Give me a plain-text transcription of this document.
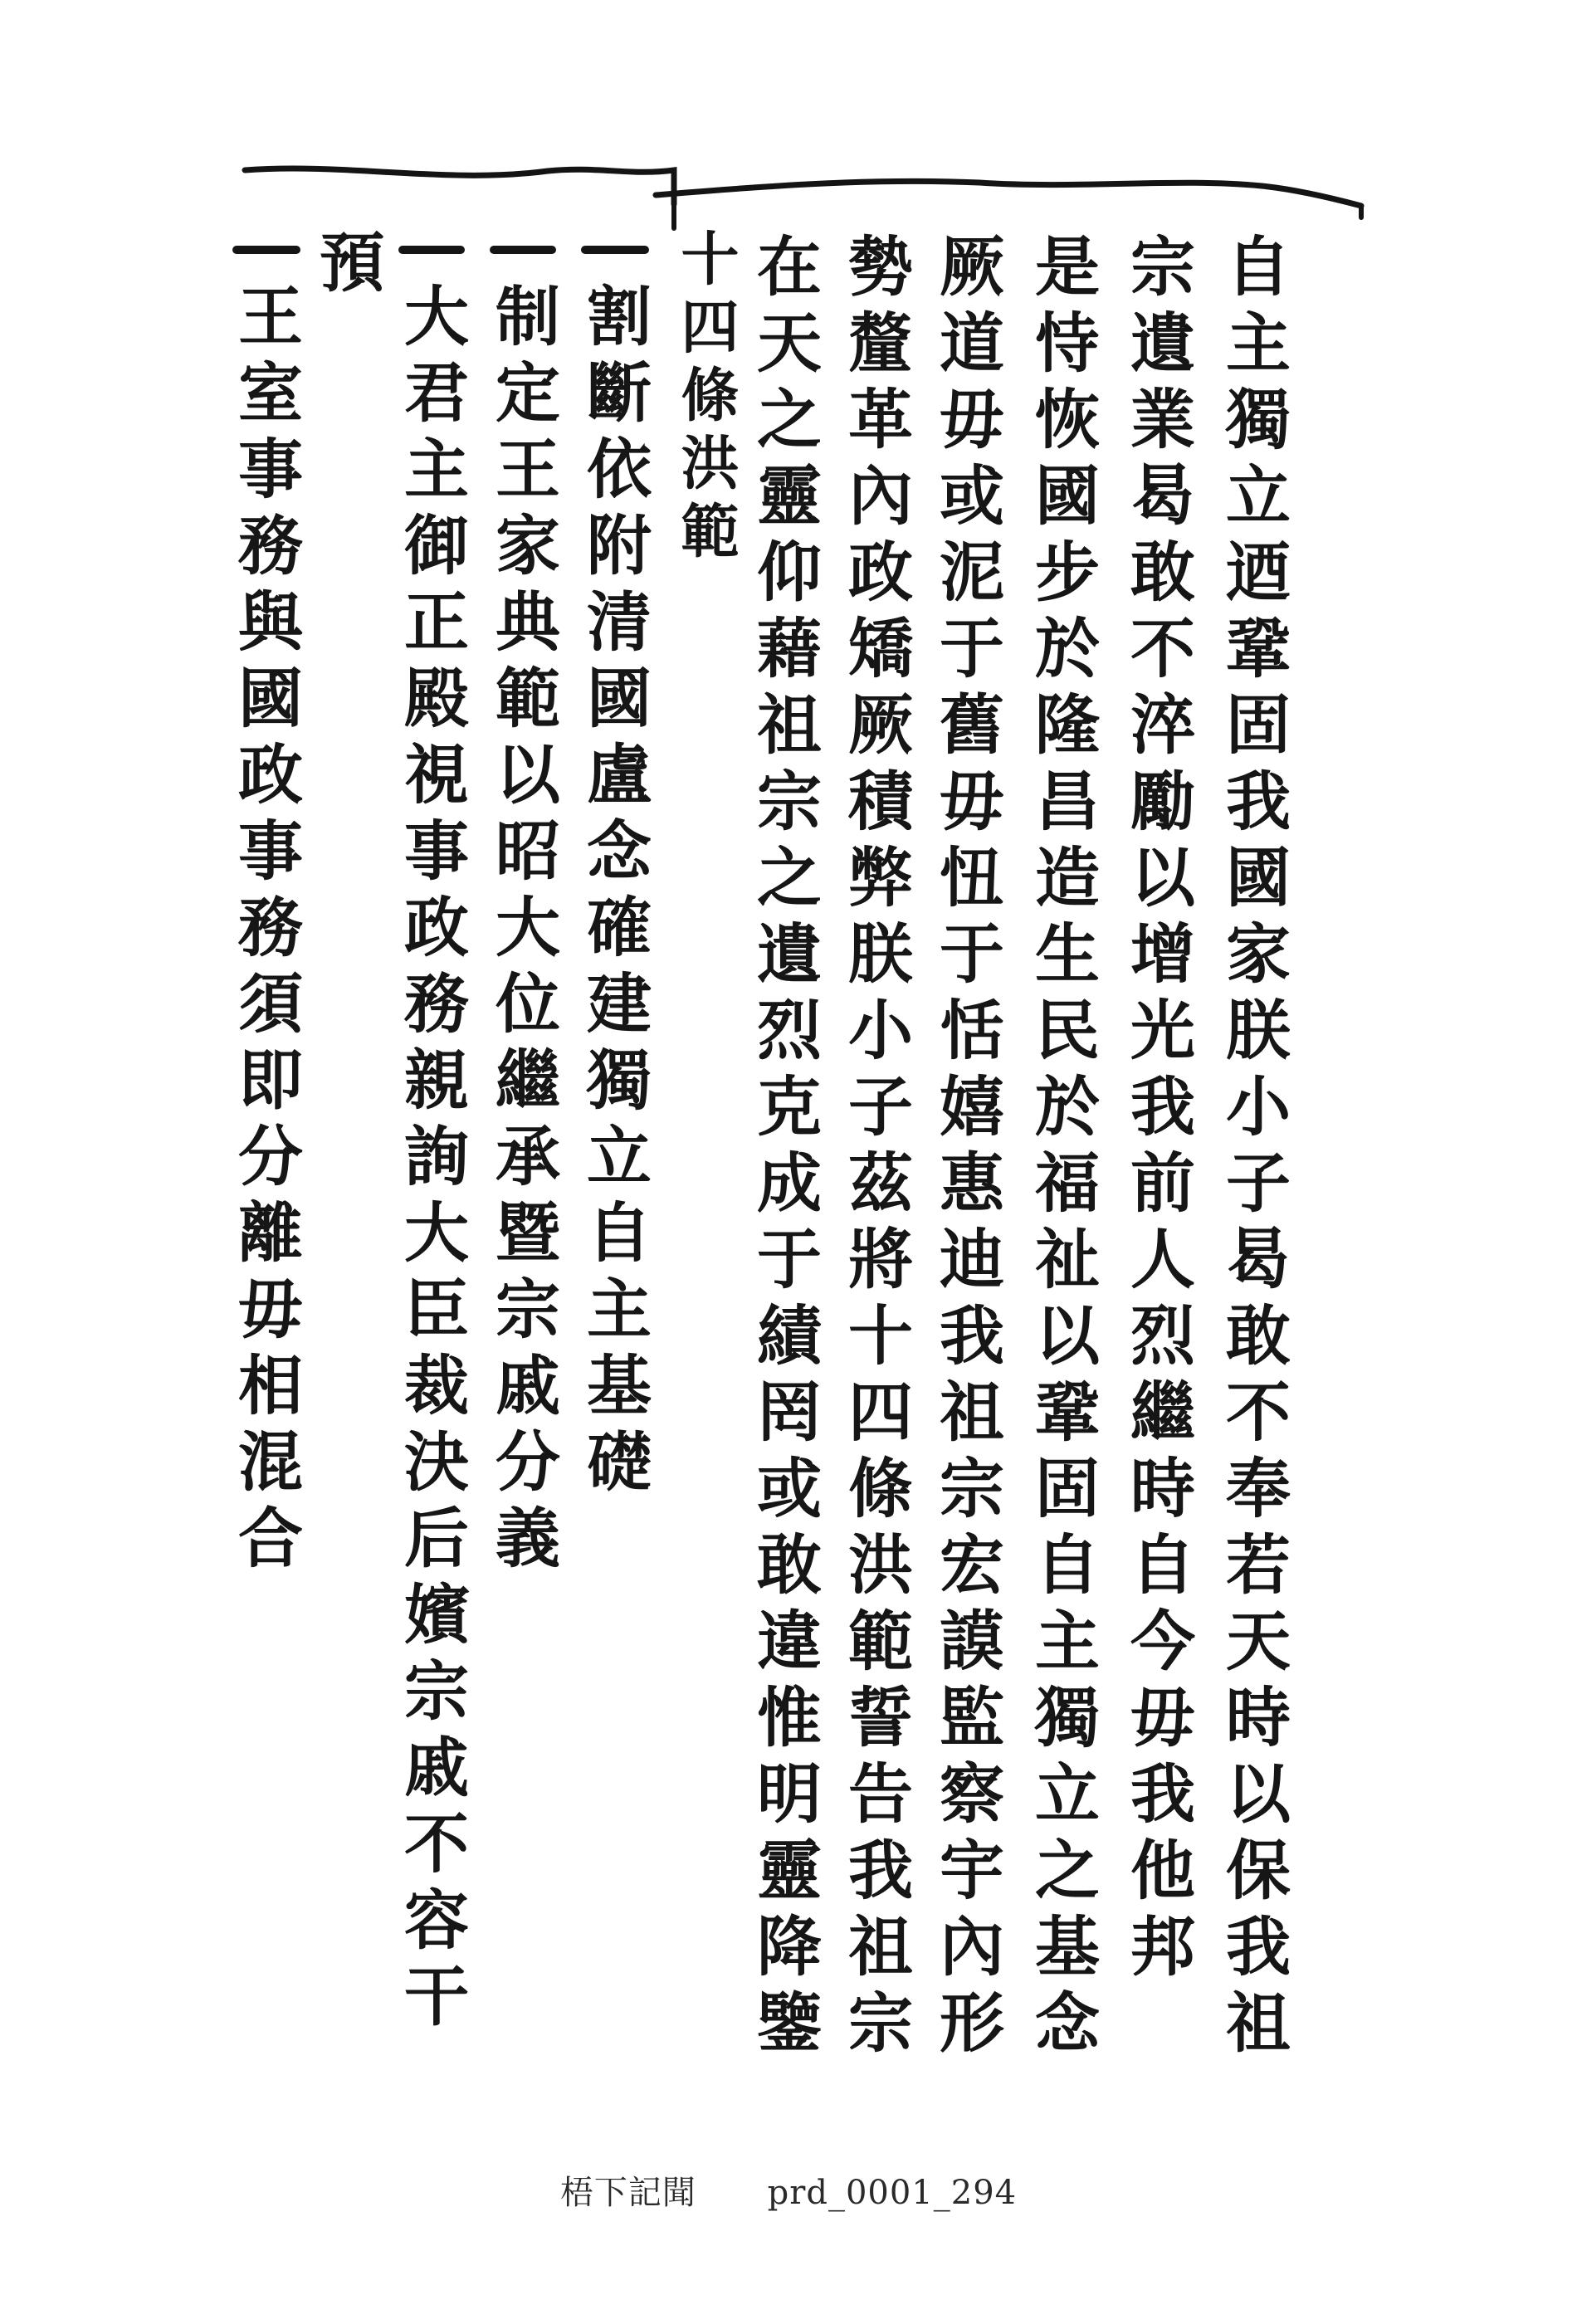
自主獨立迺鞏固我國家朕小子曷敢不奉若天時以保我祖
宗遺業曷敢不淬勵以增光我前人烈繼時自今毋我他邦
是恃恢國步於隆昌造生民於福祉以鞏固自主獨立之基念
厥道毋或泥于舊毋忸于恬嬉惠迪我祖宗宏謨監察宇內形
勢釐革內政矯厥積弊朕小子茲將十四條洪範誓告我祖宗
在天之靈仰藉祖宗之遺烈克成于績罔或敢違惟明靈降鑒
十四條洪範
割斷依附清國盧念確建獨立自主基礎
制定王家典範以昭大位繼承暨宗戚分義
大君主御正殿視事政務親詢大臣裁決后嬪宗戚不容干
預
王室事務與國政事務須即分離毋相混合
梧下記聞 prd_0001_294
